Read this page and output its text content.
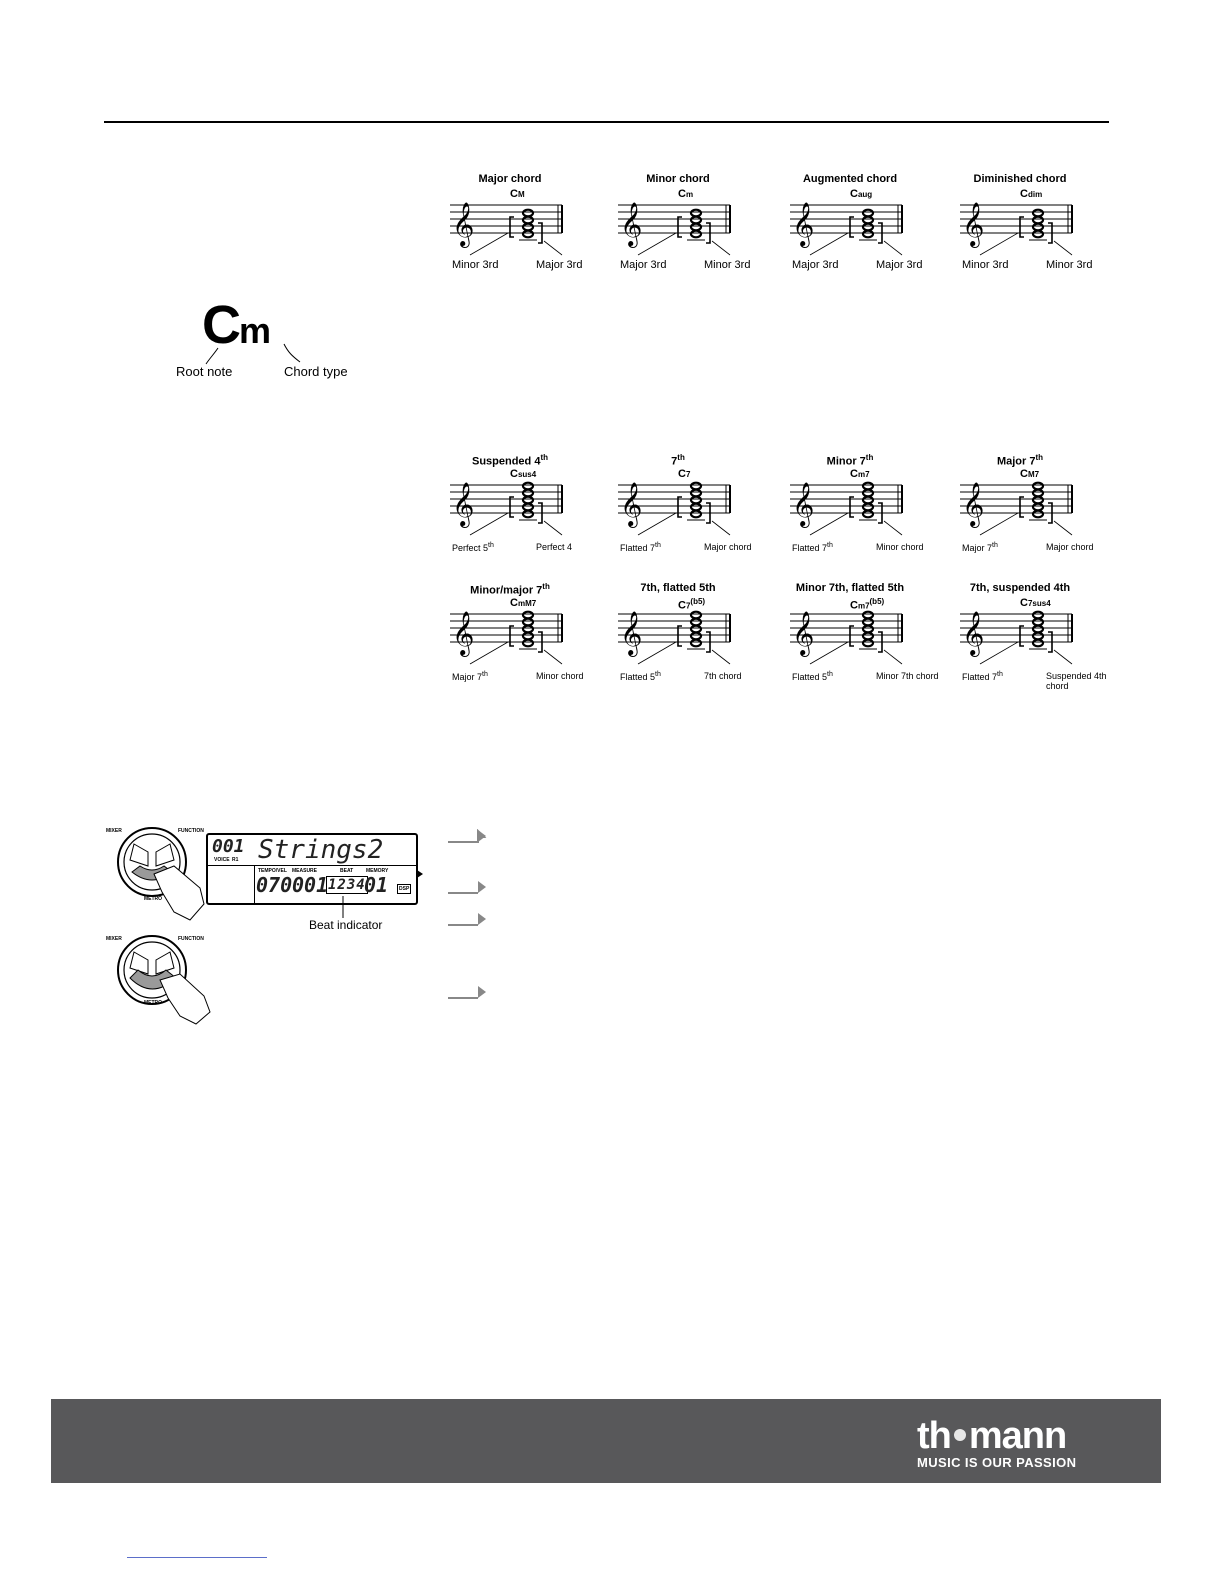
Cm
Root note	Chord type
MIXER	FUNCTION
METRO
001
VOICE R1 Strings2
TEMPO/VEL MEASURE	BEAT	MEMORY
070 001 1234
01	DSP
Beat indicator
MIXER	FUNCTION
METRO
th mann
MUSIC IS OUR PASSION
Major chord
CM
𝄞
Minor 3rd	Major 3rd
Minor chord
Cm
𝄞
Major 3rd	Minor 3rd
Augmented chord
Caug
𝄞
Major 3rd	Major 3rd
Diminished chord
Cdim
𝄞
Minor 3rd	Minor 3rd
Suspended 4th
Csus4
𝄞
Perfect 5th	Perfect 4
7th
C7
𝄞
Flatted 7th	Major chord
Minor 7th
Cm7
𝄞
Flatted 7th	Minor chord
Major 7th
CM7
𝄞
Major 7th	Major chord
Minor/major 7th
CmM7
𝄞
Major 7th	Minor chord
7th, flatted 5th
$C7^{(b5)}$
𝄞
Flatted 5th	7th chord
Minor 7th, flatted 5th
$Cm7^{(b5)}$
𝄞
Flatted 5th	Minor 7th chord
7th, suspended 4th
C7sus4
𝄞
Flatted 7th	Suspended 4th chord
